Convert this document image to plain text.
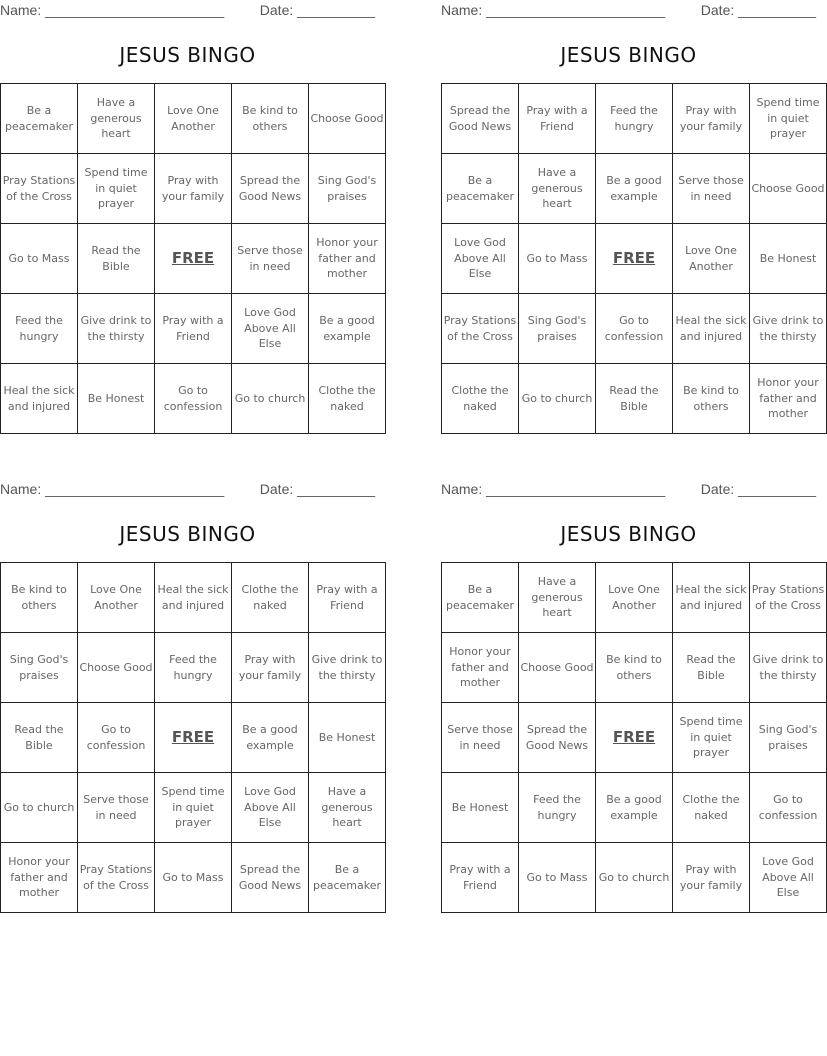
Name: _______________________	Date: __________
JESUS BINGO
Be a peacemaker	Have a generous heart	Love One Another	Be kind to others	Choose Good
Pray Stations of the Cross	Spend time in quiet prayer	Pray with your family	Spread the Good News	Sing God's praises
Go to Mass	Read the Bible	FREE	Serve those in need	Honor your father and mother
Feed the hungry	Give drink to the thirsty	Pray with a Friend	Love God Above All Else	Be a good example
Heal the sick and injured	Be Honest	Go to confession	Go to church	Clothe the naked
Name: _______________________	Date: __________
JESUS BINGO
Spread the Good News	Pray with a Friend	Feed the hungry	Pray with your family	Spend time in quiet prayer
Be a peacemaker	Have a generous heart	Be a good example	Serve those in need	Choose Good
Love God Above All Else	Go to Mass	FREE	Love One Another	Be Honest
Pray Stations of the Cross	Sing God's praises	Go to confession	Heal the sick and injured	Give drink to the thirsty
Clothe the naked	Go to church	Read the Bible	Be kind to others	Honor your father and mother
Name: _______________________	Date: __________
JESUS BINGO
Be kind to others	Love One Another	Heal the sick and injured	Clothe the naked	Pray with a Friend
Sing God's praises	Choose Good	Feed the hungry	Pray with your family	Give drink to the thirsty
Read the Bible	Go to confession	FREE	Be a good example	Be Honest
Go to church	Serve those in need	Spend time in quiet prayer	Love God Above All Else	Have a generous heart
Honor your father and mother	Pray Stations of the Cross	Go to Mass	Spread the Good News	Be a peacemaker
Name: _______________________	Date: __________
JESUS BINGO
Be a peacemaker	Have a generous heart	Love One Another	Heal the sick and injured	Pray Stations of the Cross
Honor your father and mother	Choose Good	Be kind to others	Read the Bible	Give drink to the thirsty
Serve those in need	Spread the Good News	FREE	Spend time in quiet prayer	Sing God's praises
Be Honest	Feed the hungry	Be a good example	Clothe the naked	Go to confession
Pray with a Friend	Go to Mass	Go to church	Pray with your family	Love God Above All Else
